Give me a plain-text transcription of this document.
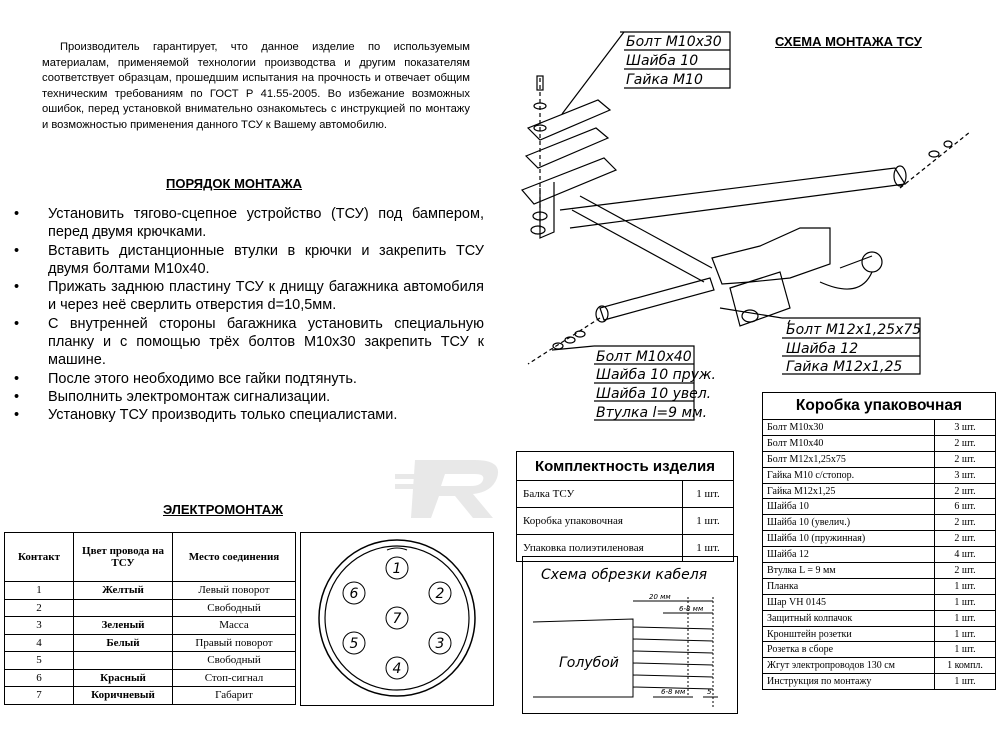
Производитель гарантирует, что данное изделие по используемым материалам, применяемой технологии производства и другим показателям соответствует образцам, прошедшим испытания на прочность и отвечает общим техническим требованиям по ГОСТ Р 41.55-2005. Во избежание возможных ошибок, перед установкой внимательно ознакомьтесь с инструкцией по монтажу и возможностью применения данного ТСУ к Вашему автомобилю.
ПОРЯДОК МОНТАЖА
• Установить тягово-сцепное устройство (ТСУ) под бампером, перед двумя крючками.
• Вставить дистанционные втулки в крючки и закрепить ТСУ двумя болтами М10х40.
• Прижать заднюю пластину ТСУ к днищу багажника автомобиля и через неё сверлить отверстия d=10,5мм.
• С внутренней стороны багажника установить специальную планку и с помощью трёх болтов М10х30 закрепить ТСУ к машине.
• После этого необходимо все гайки подтянуть.
• Выполнить электромонтаж сигнализации.
• Установку ТСУ производить только специалистами.
СХЕМА МОНТАЖА ТСУ
Болт М10х30
Шайба 10
Гайка М10
Болт М12х1,25х75
Шайба 12
Гайка М12х1,25
Болт М10х40
Шайба 10 пруж.
Шайба 10 увел.
Втулка l=9 мм.
ЭЛЕКТРОМОНТАЖ
Контакт	Цвет провода на ТСУ	Место соединения
1	Желтый	Левый поворот
2		Свободный
3	Зеленый	Масса
4	Белый	Правый поворот
5		Свободный
6	Красный	Стоп-сигнал
7	Коричневый	Габарит
1
2
3
4
5
6
7
Комплектность изделия	
Балка ТСУ	1 шт.
Коробка упаковочная	1 шт.
Упаковка полиэтиленовая	1 шт.
Схема обрезки кабеля
20 мм
6-8 мм
6-8 мм	5
Голубой
Коробка упаковочная	
Болт М10х30	3 шт.
Болт М10х40	2 шт.
Болт М12х1,25х75	2 шт.
Гайка М10 с/стопор.	3 шт.
Гайка М12х1,25	2 шт.
Шайба 10	6 шт.
Шайба 10 (увелич.)	2 шт.
Шайба 10 (пружинная)	2 шт.
Шайба 12	4 шт.
Втулка L = 9 мм	2 шт.
Планка	1 шт.
Шар VH 0145	1 шт.
Защитный колпачок	1 шт.
Кронштейн розетки	1 шт.
Розетка в сборе	1 шт.
Жгут электропроводов 130 см	1 компл.
Инструкция по монтажу	1 шт.
